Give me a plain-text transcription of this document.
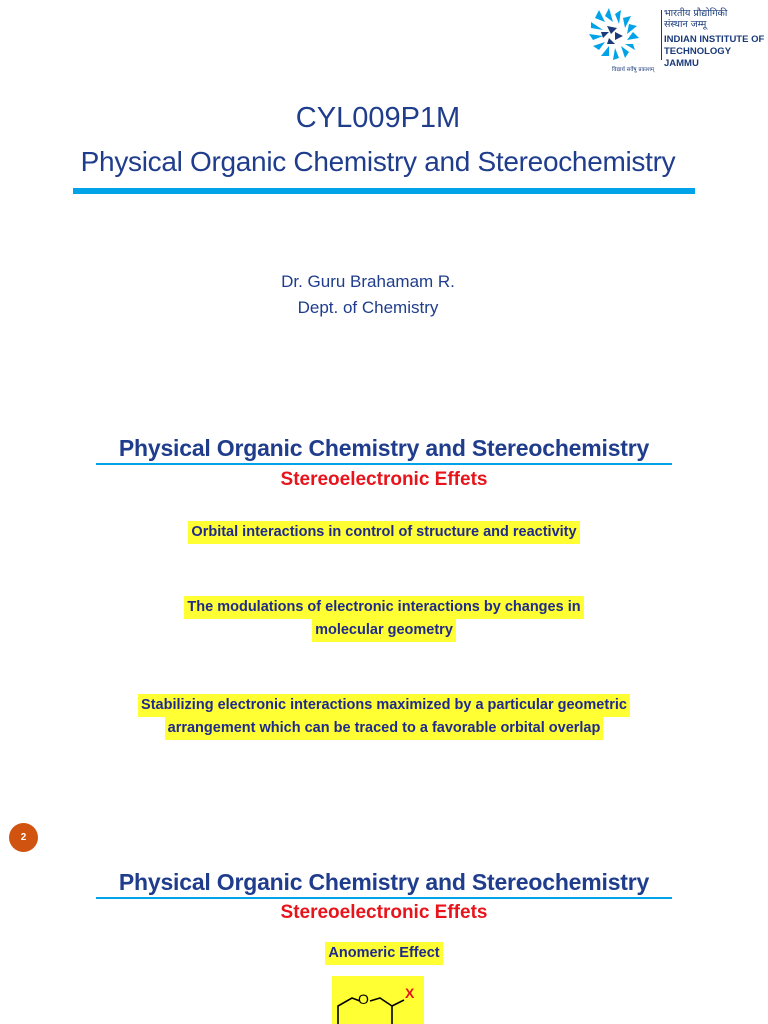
भारतीय प्रौद्योगिकी
संस्थान जम्मू
INDIAN INSTITUTE OF
TECHNOLOGY JAMMU
विद्यार्थ सर्वेषु प्रकाशम्
CYL009P1M
Physical Organic Chemistry and Stereochemistry
Dr. Guru Brahamam R.
Dept. of Chemistry
Physical Organic Chemistry and Stereochemistry
Stereoelectronic Effets
Orbital interactions in control of structure and reactivity
The modulations of electronic interactions by changes in
molecular geometry
Stabilizing electronic interactions maximized by a particular geometric
arrangement which can be traced to a favorable orbital overlap
2
Physical Organic Chemistry and Stereochemistry
Stereoelectronic Effets
Anomeric Effect
O	X
